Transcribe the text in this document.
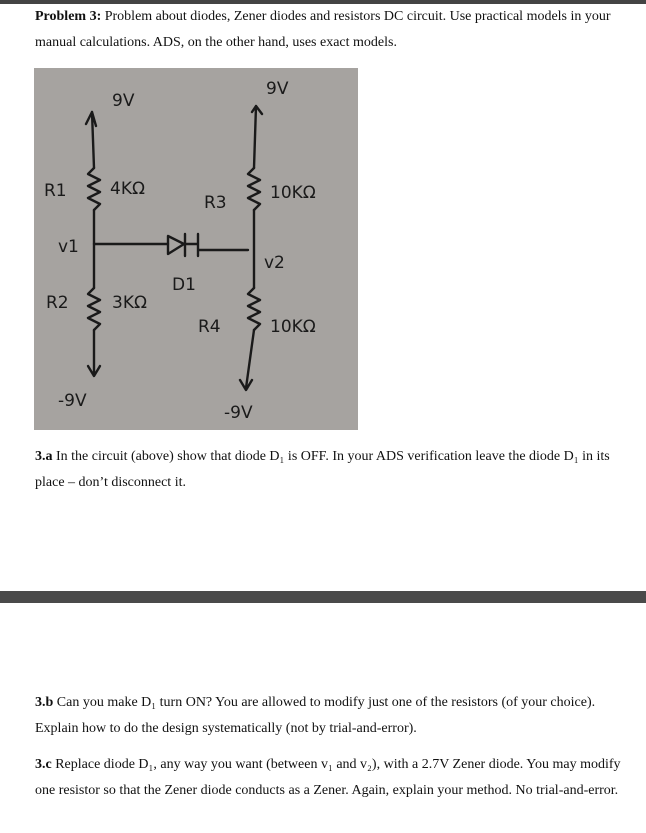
Problem 3: Problem about diodes, Zener diodes and resistors DC circuit. Use practical models in your manual calculations. ADS, on the other hand, uses exact models.

9V
9V
R1	4KΩ
R2	3KΩ
R3	10KΩ
R4	10KΩ
v1
v2
D1
-9V
-9V

3.a In the circuit (above) show that diode D₁ is OFF. In your ADS verification leave the diode D₁ in its place – don’t disconnect it.

3.b Can you make D₁ turn ON? You are allowed to modify just one of the resistors (of your choice). Explain how to do the design systematically (not by trial-and-error).

3.c Replace diode D₁, any way you want (between v₁ and v₂), with a 2.7V Zener diode. You may modify one resistor so that the Zener diode conducts as a Zener. Again, explain your method. No trial-and-error.
